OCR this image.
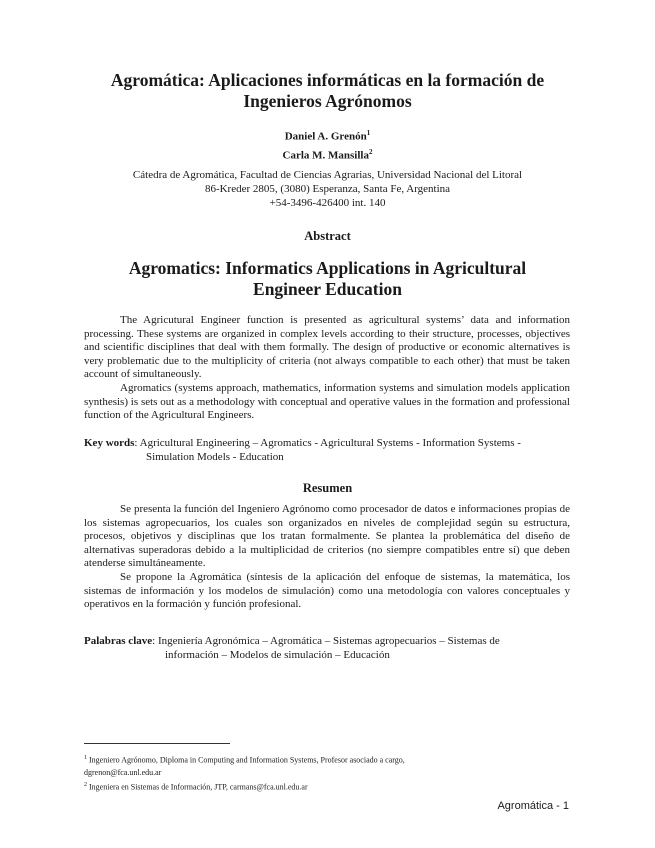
Agromática: Aplicaciones informáticas en la formación de
Ingenieros Agrónomos
Daniel A. Grenón$^1$
Carla M. Mansilla$^2$
Cátedra de Agromática, Facultad de Ciencias Agrarias, Universidad Nacional del Litoral
86-Kreder 2805, (3080) Esperanza, Santa Fe, Argentina
+54-3496-426400 int. 140
Abstract
Agromatics: Informatics Applications in Agricultural
Engineer Education

The Agricutural Engineer function is presented as agricultural systems’ data and information processing. These systems are organized in complex levels according to their structure, processes, objectives and scientific disciplines that deal with them formally. The design of productive or economic alternatives is very problematic due to the multiplicity of criteria (not always compatible to each other) that must be taken account of simultaneously.

Agromatics (systems approach, mathematics, information systems and simulation models application synthesis) is sets out as a methodology with conceptual and operative values in the formation and professional function of the Agricultural Engineers.

Key words : Agricultural Engineering – Agromatics - Agricultural Systems - Information Systems -
Simulation Models - Education
Resumen

Se presenta la función del Ingeniero Agrónomo como procesador de datos e informaciones propias de los sistemas agropecuarios, los cuales son organizados en niveles de complejidad según su estructura, procesos, objetivos y disciplinas que los tratan formalmente. Se plantea la problemática del diseño de alternativas superadoras debido a la multiplicidad de criterios (no siempre compatibles entre sí) que deben atenderse simultáneamente.

Se propone la Agromática (síntesis de la aplicación del enfoque de sistemas, la matemática, los sistemas de información y los modelos de simulación) como una metodología con valores conceptuales y operativos en la formación y función profesional.

Palabras clave : Ingeniería Agronómica – Agromática – Sistemas agropecuarios – Sistemas de
información – Modelos de simulación – Educación
$^1$ Ingeniero Agrónomo, Diploma in Computing and Information Systems, Profesor asociado a cargo,
dgrenon@fca.unl.edu.ar
$^2$ Ingeniera en Sistemas de Información, JTP, carmans@fca.unl.edu.ar
Agromática - 1
